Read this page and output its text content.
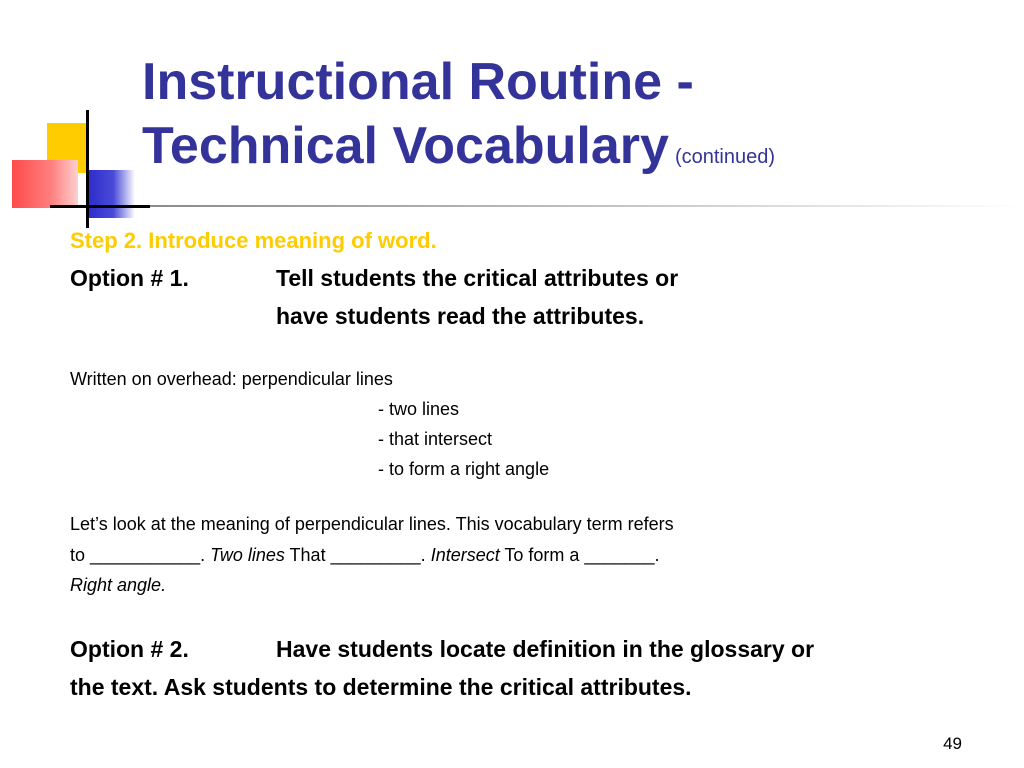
Instructional Routine -
Technical Vocabulary (continued)

Step 2. Introduce meaning of word.

Option # 1.	Tell students the critical attributes or

have students read the attributes.

Written on overhead: perpendicular lines

- two lines

- that intersect

- to form a right angle

Let’s look at the meaning of perpendicular lines. This vocabulary term refers

to ___________. Two lines That _________. Intersect To form a _______.

Right angle.

Option # 2.	Have students locate definition in the glossary or

the text. Ask students to determine the critical attributes.

49
